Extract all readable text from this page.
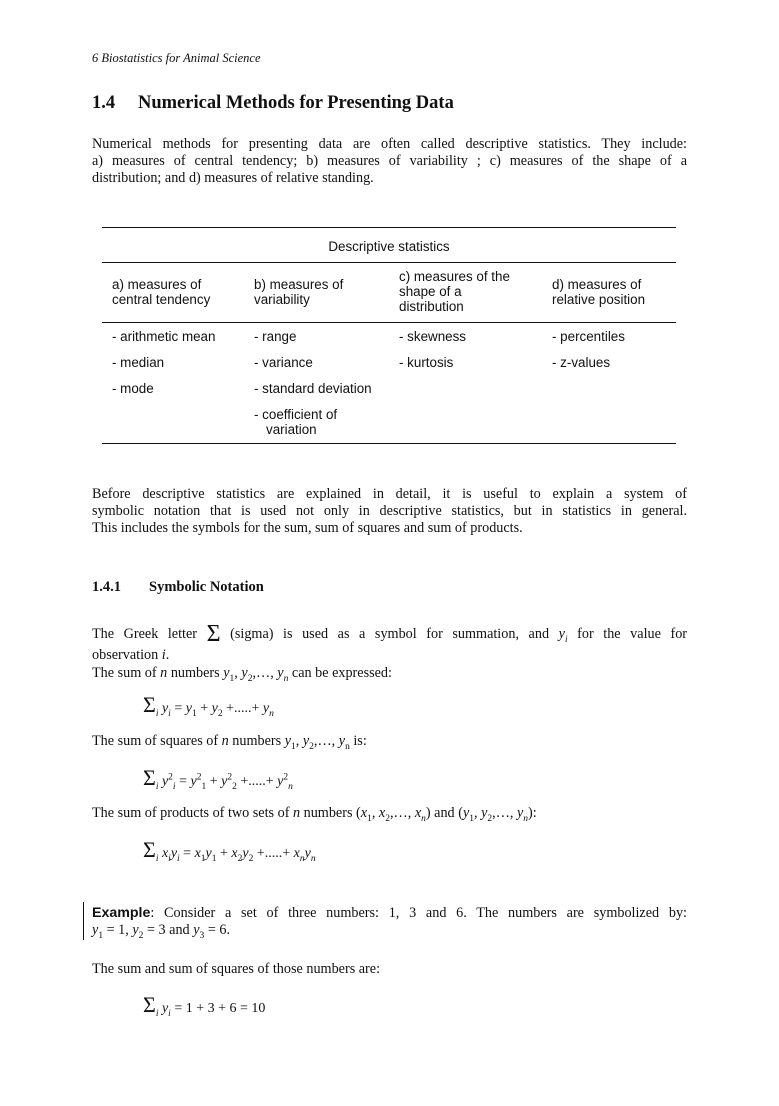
6 Biostatistics for Animal Science
1.4 Numerical Methods for Presenting Data
Numerical methods for presenting data are often called descriptive statistics. They include:
a) measures of central tendency; b) measures of variability ; c) measures of the shape of a
distribution; and d) measures of relative standing.
Descriptive statistics
a) measures of
central tendency
b) measures of
variability
c) measures of the
shape of a
distribution
d) measures of
relative position
- arithmetic mean
- median
- mode
- range
- variance
- standard deviation
- coefficient of
variation
- skewness
- kurtosis
- percentiles
- z-values
Before descriptive statistics are explained in detail, it is useful to explain a system of
symbolic notation that is used not only in descriptive statistics, but in statistics in general.
This includes the symbols for the sum, sum of squares and sum of products.
1.4.1 Symbolic Notation
The Greek letter Σ (sigma) is used as a symbol for summation, and $y_i$ for the value for
observation i.
The sum of n numbers $y_1$, $y_2,\dots$, $y_n$ can be expressed:
$\Sigma_i$ $y_i = y_1 + y_2$ +.....+ $y_n$
The sum of squares of n numbers $y_1$, $y_2,\dots$, $y_n$ is:
$\Sigma_i$ $y^2_i = y^2_1 + y^2_2$ +.....+ $y^2_n$
The sum of products of two sets of n numbers ($x_1$, $x_2,\dots$, $x_n$) and ($y_1$, $y_2,\dots$, $y_n$):
$\Sigma_i$ $x_iy_i = x_1y_1 + x_2y_2$ +.....+ $x_ny_n$
Example: Consider a set of three numbers: 1, 3 and 6. The numbers are symbolized by:
$y_1 = 1$, $y_2 = 3$ and $y_3 = 6$.
The sum and sum of squares of those numbers are:
$\Sigma_i$ $y_i = 1 + 3 + 6 = 10$
